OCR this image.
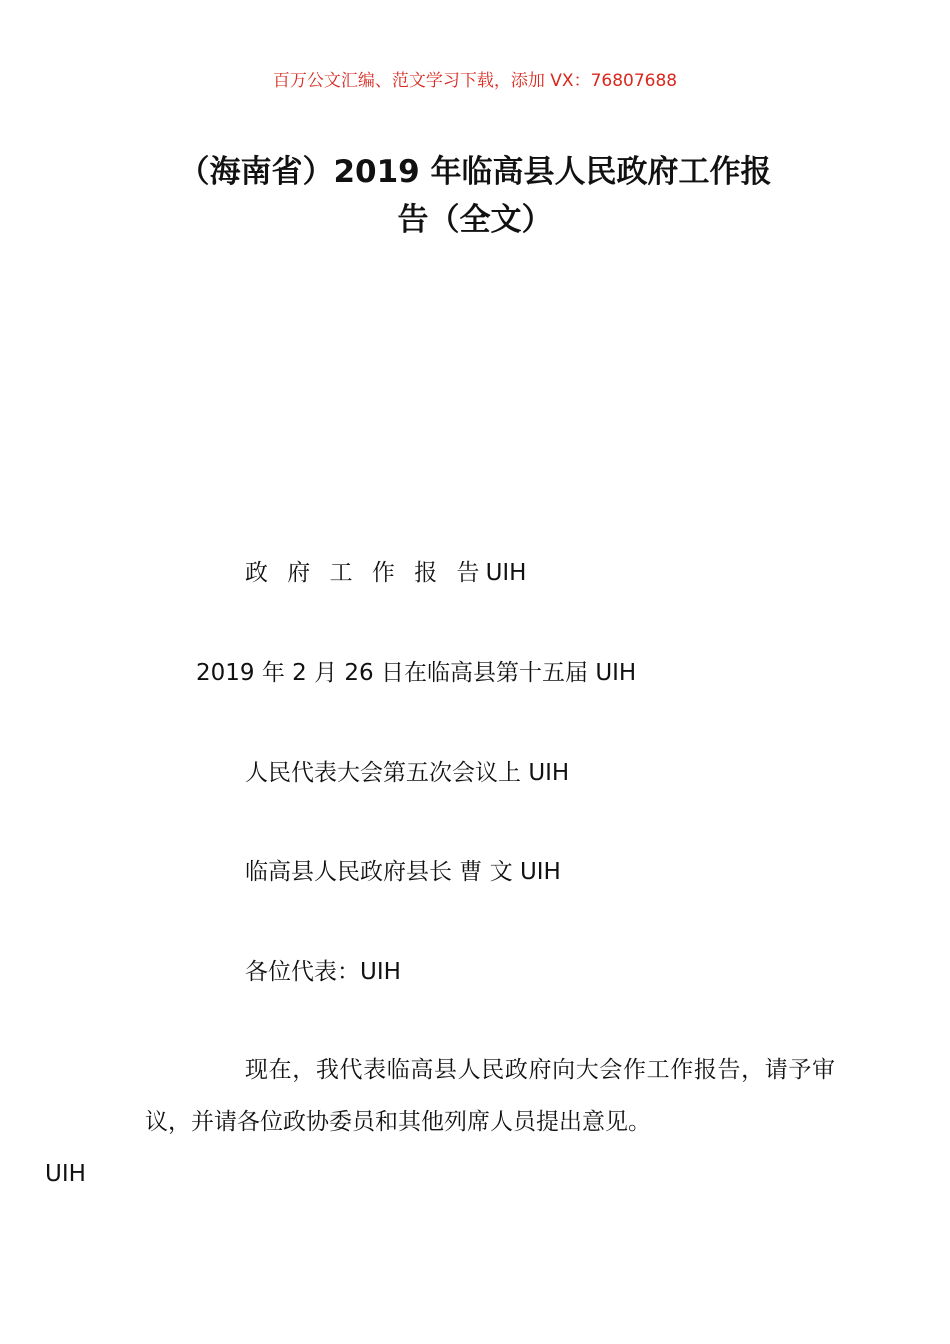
百万公文汇编、范文学习下载，添加 VX：76807688
（海南省）2019 年临高县人民政府工作报
告（全文）
政 府 工 作 报 告UIH
2019 年 2 月 26 日在临高县第十五届 UIH
人民代表大会第五次会议上 UIH
临高县人民政府县长 曹 文 UIH
各位代表：UIH
现在，我代表临高县人民政府向大会作工作报告，请予审议，并请各位政协委员和其他列席人员提出意见。
UIH
